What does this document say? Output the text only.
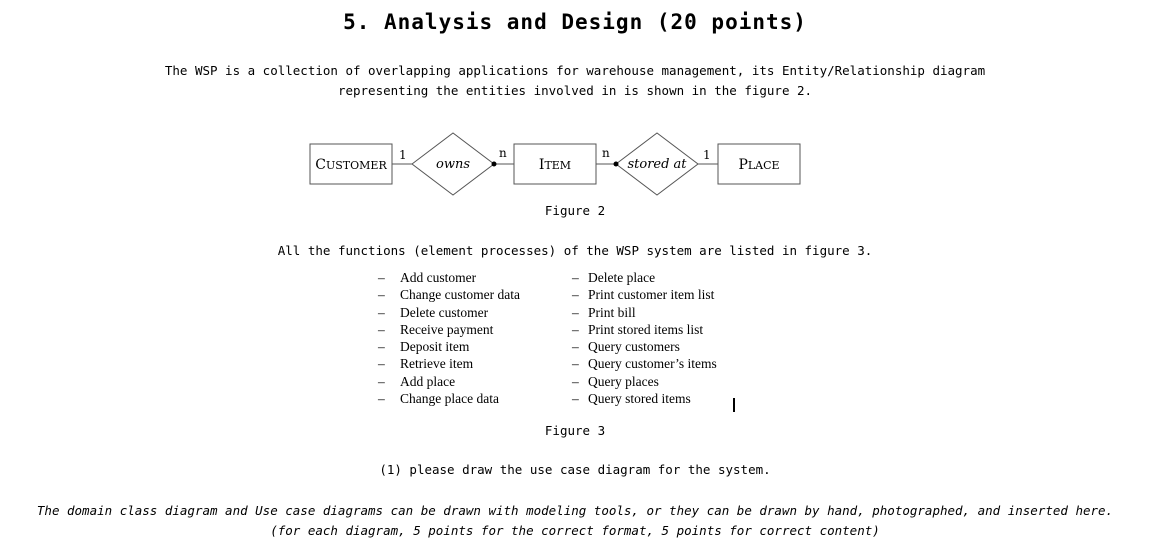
5. Analysis and Design (20 points)
The WSP is a collection of overlapping applications for warehouse management, its Entity/Relationship diagram
representing the entities involved in is shown in the figure 2.
CUSTOMER	ITEM	PLACE
owns	stored at
1	n	n	1
Figure 2
All the functions (element processes) of the WSP system are listed in figure 3.
– Add customer
– Change customer data
– Delete customer
– Receive payment
– Deposit item
– Retrieve item
– Add place
– Change place data
– Delete place
– Print customer item list
– Print bill
– Print stored items list
– Query customers
– Query customer’s items
– Query places
– Query stored items
Figure 3
(1) please draw the use case diagram for the system.
The domain class diagram and Use case diagrams can be drawn with modeling tools, or they can be drawn by hand, photographed, and inserted here.
(for each diagram, 5 points for the correct format, 5 points for correct content)
